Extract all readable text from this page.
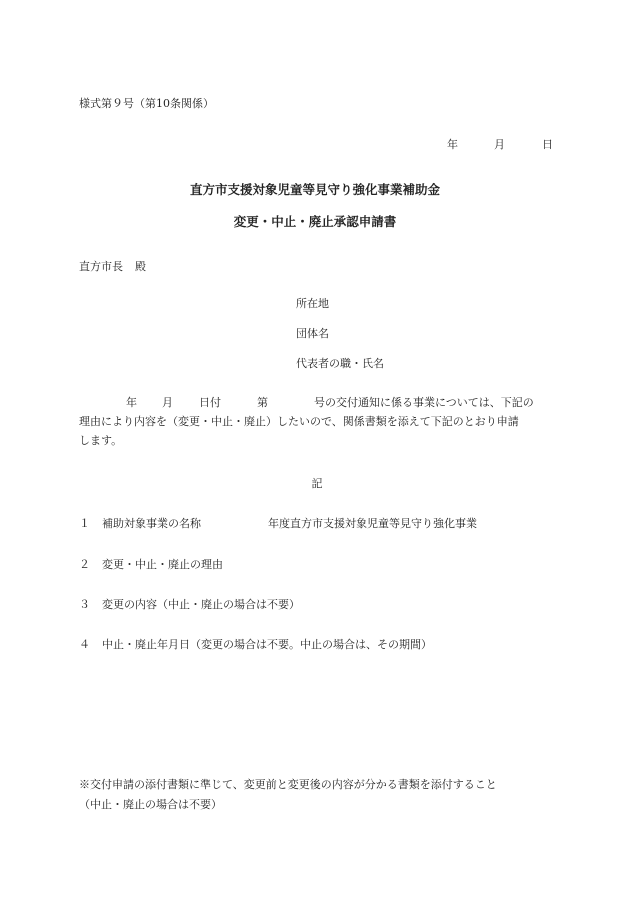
様式第９号（第10条関係）
年	月	日
直方市支援対象児童等見守り強化事業補助金
変更・中止・廃止承認申請書
直方市長 殿
所在地
団体名
代表者の職・氏名
年 月 日付	第	号の交付通知に係る事業については、下記の
理由により内容を（変更・中止・廃止）したいので、関係書類を添えて下記のとおり申請
します。
記
１ 補助対象事業の名称	年度直方市支援対象児童等見守り強化事業
２ 変更・中止・廃止の理由
３ 変更の内容（中止・廃止の場合は不要）
４ 中止・廃止年月日（変更の場合は不要。中止の場合は、その期間）
※交付申請の添付書類に準じて、変更前と変更後の内容が分かる書類を添付すること
（中止・廃止の場合は不要）
